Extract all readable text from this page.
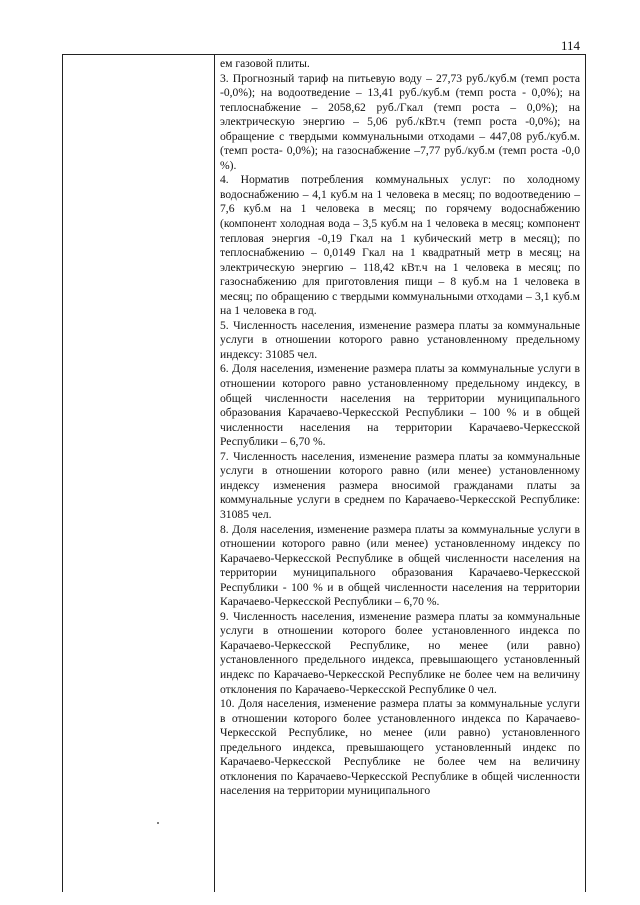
114

ем газовой плиты.

3. Прогнозный тариф на питьевую воду – 27,73 руб./куб.м (темп роста -0,0%); на водоотведение – 13,41 руб./куб.м (темп роста - 0,0%); на теплоснабжение – 2058,62 руб./Гкал (темп роста – 0,0%); на электрическую энергию – 5,06 руб./кВт.ч (темп роста -0,0%); на обращение с твердыми коммунальными отходами – 447,08 руб./куб.м. (темп роста- 0,0%); на газоснабжение –7,77 руб./куб.м (темп роста -0,0 %).

4. Норматив потребления коммунальных услуг: по холодному водоснабжению – 4,1 куб.м на 1 человека в месяц; по водоотведению – 7,6 куб.м на 1 человека в месяц; по горячему водоснабжению (компонент холодная вода – 3,5 куб.м на 1 человека в месяц; компонент тепловая энергия -0,19 Гкал на 1 кубический метр в месяц); по теплоснабжению – 0,0149 Гкал на 1 квадратный метр в месяц; на электрическую энергию – 118,42 кВт.ч на 1 человека в месяц; по газоснабжению для приготовления пищи – 8 куб.м на 1 человека в месяц; по обращению с твердыми коммунальными отходами – 3,1 куб.м на 1 человека в год.

5. Численность населения, изменение размера платы за коммунальные услуги в отношении которого равно установленному предельному индексу: 31085 чел.

6. Доля населения, изменение размера платы за коммунальные услуги в отношении которого равно установленному предельному индексу, в общей численности населения на территории муниципального образования Карачаево-Черкесской Республики – 100 % и в общей численности населения на территории Карачаево-Черкесской Республики – 6,70 %.

7. Численность населения, изменение размера платы за коммунальные услуги в отношении которого равно (или менее) установленному индексу изменения размера вносимой гражданами платы за коммунальные услуги в среднем по Карачаево-Черкесской Республике: 31085 чел.

8. Доля населения, изменение размера платы за коммунальные услуги в отношении которого равно (или менее) установленному индексу по Карачаево-Черкесской Республике в общей численности населения на территории муниципального образования Карачаево-Черкесской Республики - 100 % и в общей численности населения на территории Карачаево-Черкесской Республики – 6,70 %.

9. Численность населения, изменение размера платы за коммунальные услуги в отношении которого более установленного индекса по Карачаево-Черкесской Республике, но менее (или равно) установленного предельного индекса, превышающего установленный индекс по Карачаево-Черкесской Республике не более чем на величину отклонения по Карачаево-Черкесской Республике 0 чел.

10. Доля населения, изменение размера платы за коммунальные услуги в отношении которого более установленного индекса по Карачаево-Черкесской Республике, но менее (или равно) установленного предельного индекса, превышающего установленный индекс по Карачаево-Черкесской Республике не более чем на величину отклонения по Карачаево-Черкесской Республике в общей численности населения на территории муниципального
